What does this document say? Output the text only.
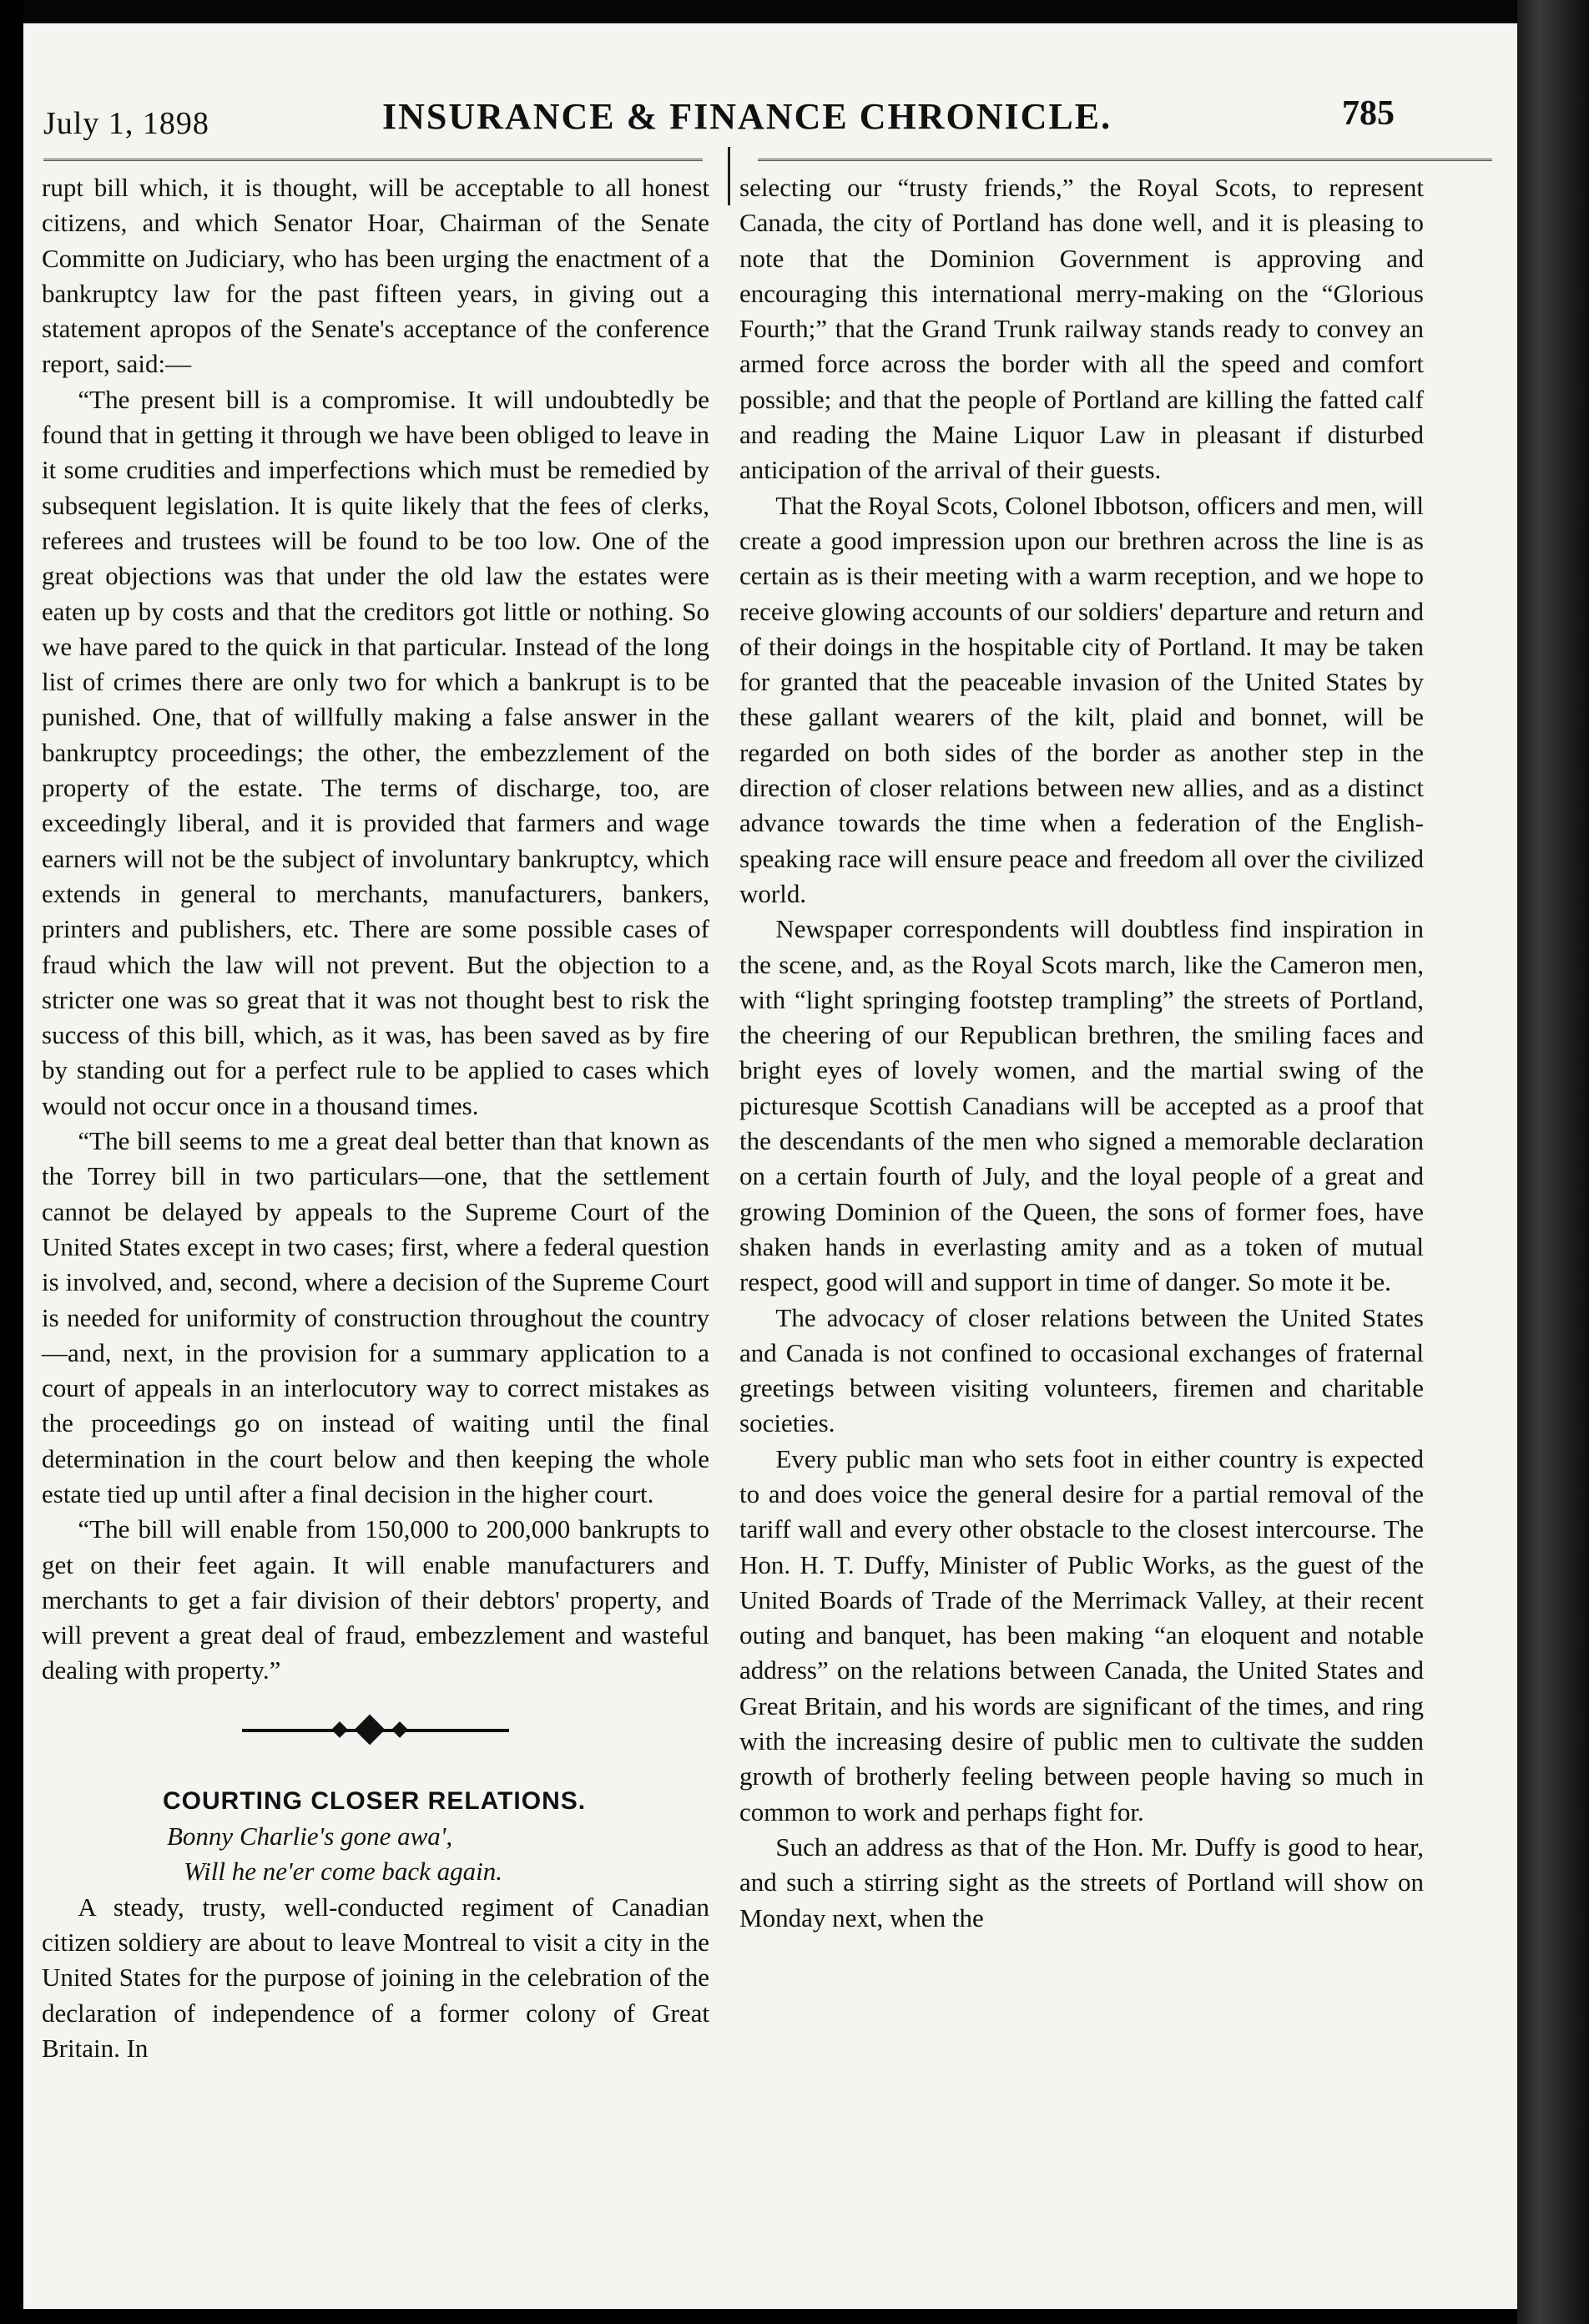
July 1, 1898	INSURANCE & FINANCE CHRONICLE.	785

rupt bill which, it is thought, will be acceptable to all honest citizens, and which Senator Hoar, Chairman of the Senate Committe on Judiciary, who has been urging the enactment of a bankruptcy law for the past fifteen years, in giving out a statement apropos of the Senate's acceptance of the conference report, said:—

“The present bill is a compromise. It will undoubtedly be found that in getting it through we have been obliged to leave in it some crudities and imperfections which must be remedied by subsequent legislation. It is quite likely that the fees of clerks, referees and trustees will be found to be too low. One of the great objections was that under the old law the estates were eaten up by costs and that the creditors got little or nothing. So we have pared to the quick in that particular. Instead of the long list of crimes there are only two for which a bankrupt is to be punished. One, that of willfully making a false answer in the bankruptcy proceedings; the other, the embezzlement of the property of the estate. The terms of discharge, too, are exceedingly liberal, and it is provided that farmers and wage earners will not be the subject of involuntary bankruptcy, which extends in general to merchants, manufacturers, bankers, printers and publishers, etc. There are some possible cases of fraud which the law will not prevent. But the objection to a stricter one was so great that it was not thought best to risk the success of this bill, which, as it was, has been saved as by fire by standing out for a perfect rule to be applied to cases which would not occur once in a thousand times.

“The bill seems to me a great deal better than that known as the Torrey bill in two particulars—one, that the settlement cannot be delayed by appeals to the Supreme Court of the United States except in two cases; first, where a federal question is involved, and, second, where a decision of the Supreme Court is needed for uniformity of construction throughout the country—and, next, in the provision for a summary application to a court of appeals in an interlocutory way to correct mistakes as the proceedings go on instead of waiting until the final determination in the court below and then keeping the whole estate tied up until after a final decision in the higher court.

“The bill will enable from 150,000 to 200,000 bankrupts to get on their feet again. It will enable manufacturers and merchants to get a fair division of their debtors' property, and will prevent a great deal of fraud, embezzlement and wasteful dealing with property.”

COURTING CLOSER RELATIONS.

Bonny Charlie's gone awa',

Will he ne'er come back again.

A steady, trusty, well-conducted regiment of Canadian citizen soldiery are about to leave Montreal to visit a city in the United States for the purpose of joining in the celebration of the declaration of independence of a former colony of Great Britain. In

selecting our “trusty friends,” the Royal Scots, to represent Canada, the city of Portland has done well, and it is pleasing to note that the Dominion Government is approving and encouraging this international merry-making on the “Glorious Fourth;” that the Grand Trunk railway stands ready to convey an armed force across the border with all the speed and comfort possible; and that the people of Portland are killing the fatted calf and reading the Maine Liquor Law in pleasant if disturbed anticipation of the arrival of their guests.

That the Royal Scots, Colonel Ibbotson, officers and men, will create a good impression upon our brethren across the line is as certain as is their meeting with a warm reception, and we hope to receive glowing accounts of our soldiers' departure and return and of their doings in the hospitable city of Portland. It may be taken for granted that the peaceable invasion of the United States by these gallant wearers of the kilt, plaid and bonnet, will be regarded on both sides of the border as another step in the direction of closer relations between new allies, and as a distinct advance towards the time when a federation of the English-speaking race will ensure peace and freedom all over the civilized world.

Newspaper correspondents will doubtless find inspiration in the scene, and, as the Royal Scots march, like the Cameron men, with “light springing footstep trampling” the streets of Portland, the cheering of our Republican brethren, the smiling faces and bright eyes of lovely women, and the martial swing of the picturesque Scottish Canadians will be accepted as a proof that the descendants of the men who signed a memorable declaration on a certain fourth of July, and the loyal people of a great and growing Dominion of the Queen, the sons of former foes, have shaken hands in everlasting amity and as a token of mutual respect, good will and support in time of danger. So mote it be.

The advocacy of closer relations between the United States and Canada is not confined to occasional exchanges of fraternal greetings between visiting volunteers, firemen and charitable societies.

Every public man who sets foot in either country is expected to and does voice the general desire for a partial removal of the tariff wall and every other obstacle to the closest intercourse. The Hon. H. T. Duffy, Minister of Public Works, as the guest of the United Boards of Trade of the Merrimack Valley, at their recent outing and banquet, has been making “an eloquent and notable address” on the relations between Canada, the United States and Great Britain, and his words are significant of the times, and ring with the increasing desire of public men to cultivate the sudden growth of brotherly feeling between people having so much in common to work and perhaps fight for.

Such an address as that of the Hon. Mr. Duffy is good to hear, and such a stirring sight as the streets of Portland will show on Monday next, when the
